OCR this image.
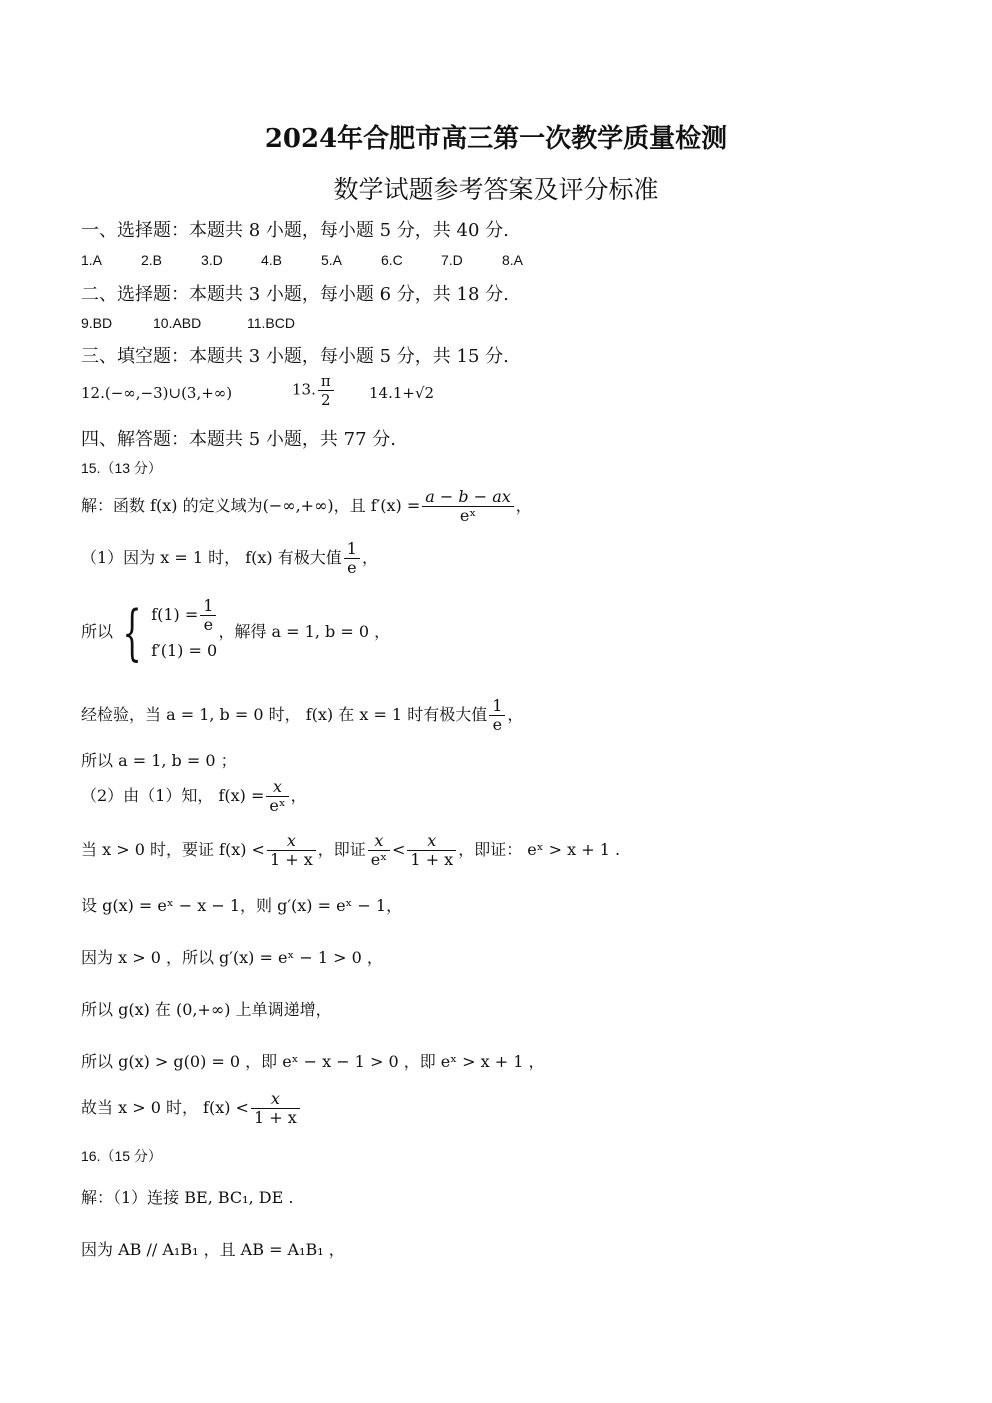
2024年合肥市高三第一次教学质量检测
数学试题参考答案及评分标准
一、选择题：本题共 8 小题，每小题 5 分，共 40 分.
1.A	2.B	3.D	4.B	5.A	6.C	7.D	8.A
二、选择题：本题共 3 小题，每小题 6 分，共 18 分.
9.BD	10.ABD	11.BCD
三、填空题：本题共 3 小题，每小题 5 分，共 15 分.
12.(−∞,−3)∪(3,+∞)	13. $\frac{\pi}{2} 14.1+√2$
四、解答题：本题共 5 小题，共 77 分.
15.（13 分）
解：函数 f(x) 的定义域为(−∞,+∞)，且 $f'(x) = \frac{a - b - ax}{\text{eˣ}}$ ，
（1）因为 x = 1 时， f(x) 有极大值 $\frac{1}{e}$ ，
所以 { $f(1) = \frac{1}{e}$
f′(1) = 0
，解得 a = 1, b = 0 ，
经检验，当 a = 1, b = 0 时， f(x) 在 x = 1 时有极大值 $\frac{1}{e}$ ，
所以 a = 1, b = 0 ；
（2）由（1）知， $f(x) = \frac{x}{\text{eˣ}}$ ，
当 x > 0 时，要证 $f(x) < \frac{x}{1 + x}$ ，即证 $\frac{x}{\text{eˣ}} < \frac{x}{1 + x}$ ，即证： eˣ > x + 1 .
设 g(x) = eˣ − x − 1，则 g′(x) = eˣ − 1，
因为 x > 0 ，所以 g′(x) = eˣ − 1 > 0 ，
所以 g(x) 在 (0,+∞) 上单调递增，
所以 g(x) > g(0) = 0 ，即 eˣ − x − 1 > 0 ，即 eˣ > x + 1 ，
故当 x > 0 时， $f(x) < \frac{x}{1 + x}$
16.（15 分）
解：（1）连接 BE, BC₁, DE .
因为 AB // A₁B₁ ，且 AB = A₁B₁ ，
